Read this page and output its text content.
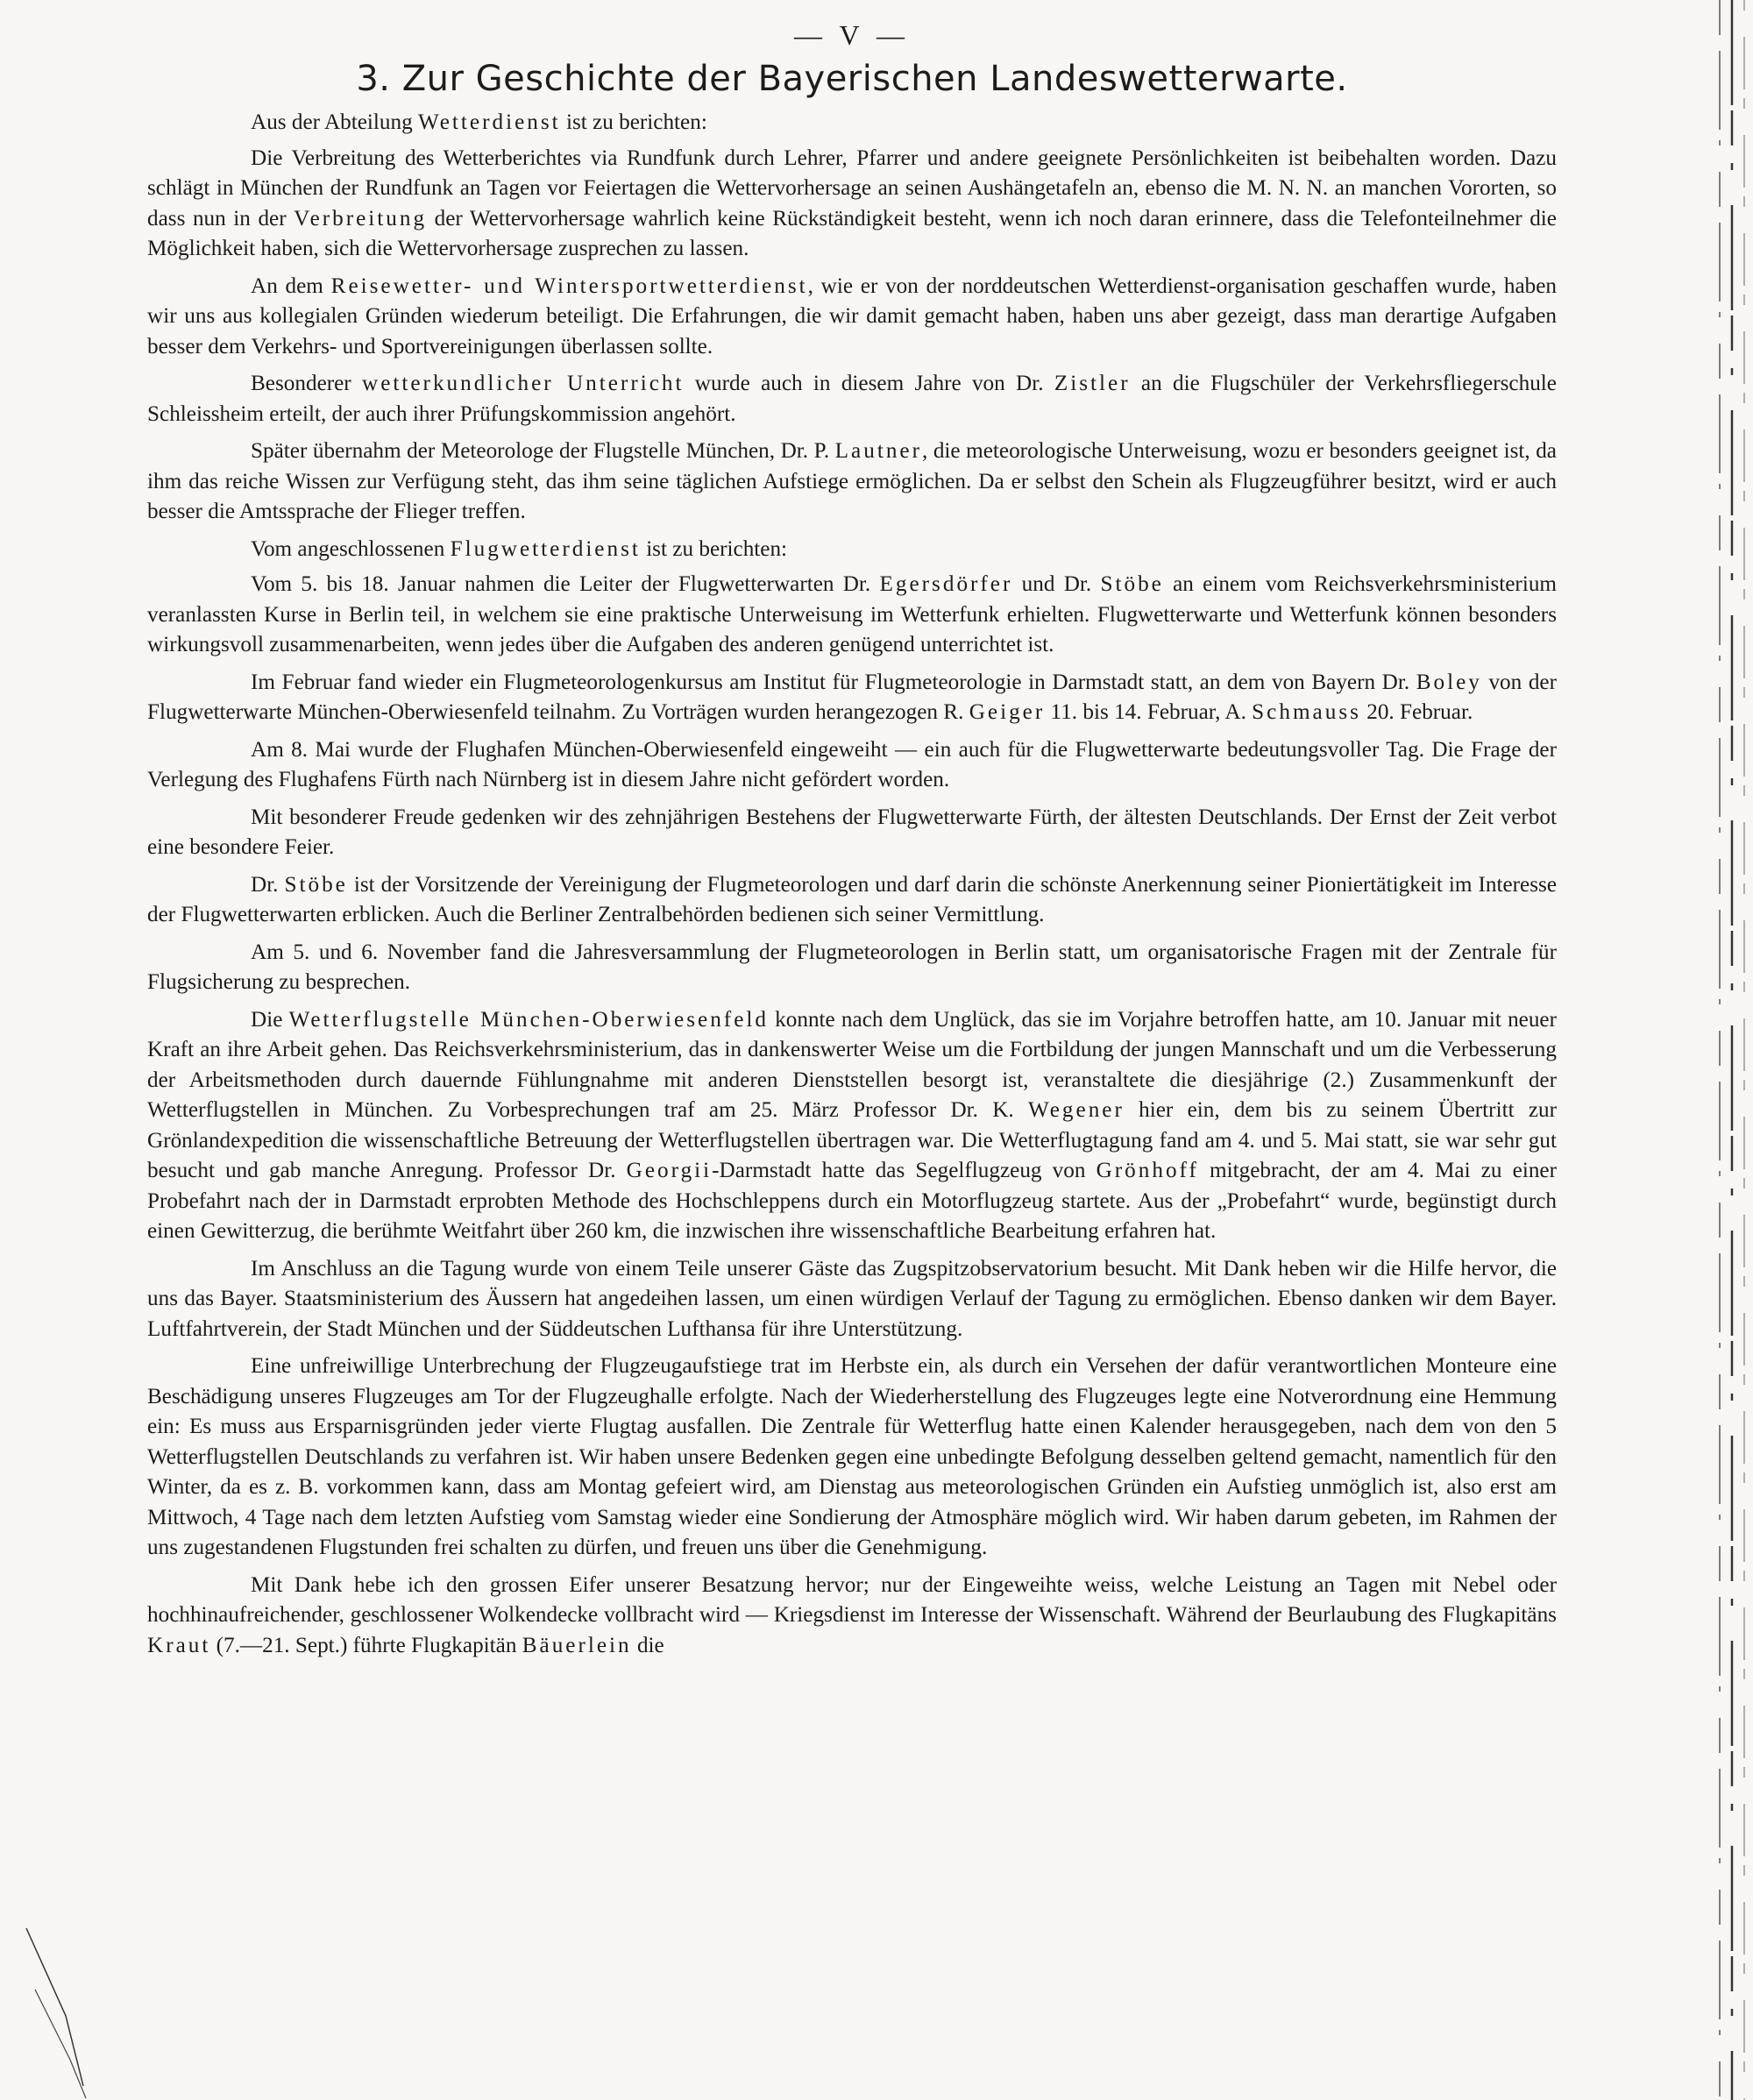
— V —
3. Zur Geschichte der Bayerischen Landeswetterwarte.
Aus der Abteilung Wetterdienst ist zu berichten:

Die Verbreitung des Wetterberichtes via Rundfunk durch Lehrer, Pfarrer und andere geeignete Persönlichkeiten ist beibehalten worden. Dazu schlägt in München der Rundfunk an Tagen vor Feiertagen die Wettervorhersage an seinen Aushängetafeln an, ebenso die M. N. N. an manchen Vororten, so dass nun in der Verbreitung der Wettervorhersage wahrlich keine Rückständigkeit besteht, wenn ich noch daran erinnere, dass die Telefonteilnehmer die Möglichkeit haben, sich die Wettervorhersage zusprechen zu lassen.

An dem Reisewetter- und Wintersportwetterdienst, wie er von der norddeutschen Wetterdienst-organisation geschaffen wurde, haben wir uns aus kollegialen Gründen wiederum beteiligt. Die Erfahrungen, die wir damit gemacht haben, haben uns aber gezeigt, dass man derartige Aufgaben besser dem Verkehrs- und Sportvereinigungen überlassen sollte.

Besonderer wetterkundlicher Unterricht wurde auch in diesem Jahre von Dr. Zistler an die Flugschüler der Verkehrsfliegerschule Schleissheim erteilt, der auch ihrer Prüfungskommission angehört.

Später übernahm der Meteorologe der Flugstelle München, Dr. P. Lautner, die meteorologische Unterweisung, wozu er besonders geeignet ist, da ihm das reiche Wissen zur Verfügung steht, das ihm seine täglichen Aufstiege ermöglichen. Da er selbst den Schein als Flugzeugführer besitzt, wird er auch besser die Amtssprache der Flieger treffen.

Vom angeschlossenen Flugwetterdienst ist zu berichten:

Vom 5. bis 18. Januar nahmen die Leiter der Flugwetterwarten Dr. Egersdörfer und Dr. Stöbe an einem vom Reichsverkehrsministerium veranlassten Kurse in Berlin teil, in welchem sie eine praktische Unterweisung im Wetterfunk erhielten. Flugwetterwarte und Wetterfunk können besonders wirkungsvoll zusammenarbeiten, wenn jedes über die Aufgaben des anderen genügend unterrichtet ist.

Im Februar fand wieder ein Flugmeteorologenkursus am Institut für Flugmeteorologie in Darmstadt statt, an dem von Bayern Dr. Boley von der Flugwetterwarte München-Oberwiesenfeld teilnahm. Zu Vorträgen wurden herangezogen R. Geiger 11. bis 14. Februar, A. Schmauss 20. Februar.

Am 8. Mai wurde der Flughafen München-Oberwiesenfeld eingeweiht — ein auch für die Flugwetterwarte bedeutungsvoller Tag. Die Frage der Verlegung des Flughafens Fürth nach Nürnberg ist in diesem Jahre nicht gefördert worden.

Mit besonderer Freude gedenken wir des zehnjährigen Bestehens der Flugwetterwarte Fürth, der ältesten Deutschlands. Der Ernst der Zeit verbot eine besondere Feier.

Dr. Stöbe ist der Vorsitzende der Vereinigung der Flugmeteorologen und darf darin die schönste Anerkennung seiner Pioniertätigkeit im Interesse der Flugwetterwarten erblicken. Auch die Berliner Zentralbehörden bedienen sich seiner Vermittlung.

Am 5. und 6. November fand die Jahresversammlung der Flugmeteorologen in Berlin statt, um organisatorische Fragen mit der Zentrale für Flugsicherung zu besprechen.

Die Wetterflugstelle München-Oberwiesenfeld konnte nach dem Unglück, das sie im Vorjahre betroffen hatte, am 10. Januar mit neuer Kraft an ihre Arbeit gehen. Das Reichsverkehrsministerium, das in dankenswerter Weise um die Fortbildung der jungen Mannschaft und um die Verbesserung der Arbeitsmethoden durch dauernde Fühlungnahme mit anderen Dienststellen besorgt ist, veranstaltete die diesjährige (2.) Zusammenkunft der Wetterflugstellen in München. Zu Vorbesprechungen traf am 25. März Professor Dr. K. Wegener hier ein, dem bis zu seinem Übertritt zur Grönlandexpedition die wissenschaftliche Betreuung der Wetterflugstellen übertragen war. Die Wetterflugtagung fand am 4. und 5. Mai statt, sie war sehr gut besucht und gab manche Anregung. Professor Dr. Georgii-Darmstadt hatte das Segelflugzeug von Grönhoff mitgebracht, der am 4. Mai zu einer Probefahrt nach der in Darmstadt erprobten Methode des Hochschleppens durch ein Motorflugzeug startete. Aus der „Probefahrt“ wurde, begünstigt durch einen Gewitterzug, die berühmte Weitfahrt über 260 km, die inzwischen ihre wissenschaftliche Bearbeitung erfahren hat.

Im Anschluss an die Tagung wurde von einem Teile unserer Gäste das Zugspitzobservatorium besucht. Mit Dank heben wir die Hilfe hervor, die uns das Bayer. Staatsministerium des Äussern hat angedeihen lassen, um einen würdigen Verlauf der Tagung zu ermöglichen. Ebenso danken wir dem Bayer. Luftfahrtverein, der Stadt München und der Süddeutschen Lufthansa für ihre Unterstützung.

Eine unfreiwillige Unterbrechung der Flugzeugaufstiege trat im Herbste ein, als durch ein Versehen der dafür verantwortlichen Monteure eine Beschädigung unseres Flugzeuges am Tor der Flugzeughalle erfolgte. Nach der Wiederherstellung des Flugzeuges legte eine Notverordnung eine Hemmung ein: Es muss aus Ersparnisgründen jeder vierte Flugtag ausfallen. Die Zentrale für Wetterflug hatte einen Kalender herausgegeben, nach dem von den 5 Wetterflugstellen Deutschlands zu verfahren ist. Wir haben unsere Bedenken gegen eine unbedingte Befolgung desselben geltend gemacht, namentlich für den Winter, da es z. B. vorkommen kann, dass am Montag gefeiert wird, am Dienstag aus meteorologischen Gründen ein Aufstieg unmöglich ist, also erst am Mittwoch, 4 Tage nach dem letzten Aufstieg vom Samstag wieder eine Sondierung der Atmosphäre möglich wird. Wir haben darum gebeten, im Rahmen der uns zugestandenen Flugstunden frei schalten zu dürfen, und freuen uns über die Genehmigung.

Mit Dank hebe ich den grossen Eifer unserer Besatzung hervor; nur der Eingeweihte weiss, welche Leistung an Tagen mit Nebel oder hochhinaufreichender, geschlossener Wolkendecke vollbracht wird — Kriegsdienst im Interesse der Wissenschaft. Während der Beurlaubung des Flugkapitäns Kraut (7.—21. Sept.) führte Flugkapitän Bäuerlein die
